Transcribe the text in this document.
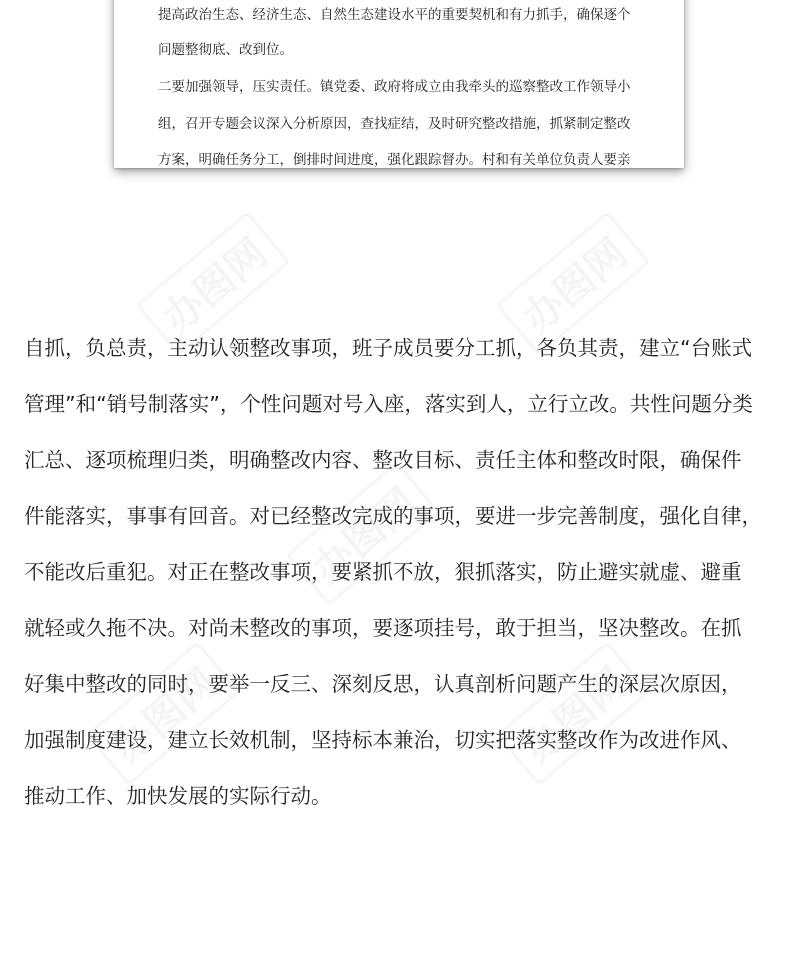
提高政治生态、经济生态、自然生态建设水平的重要契机和有力抓手，确保逐个
问题整彻底、改到位。
二要加强领导，压实责任。镇党委、政府将成立由我牵头的巡察整改工作领导小
组，召开专题会议深入分析原因，查找症结，及时研究整改措施，抓紧制定整改
方案，明确任务分工，倒排时间进度，强化跟踪督办。村和有关单位负责人要亲
自抓，负总责，主动认领整改事项，班子成员要分工抓，各负其责，建立“台账式
管理”和“销号制落实”，个性问题对号入座，落实到人，立行立改。共性问题分类
汇总、逐项梳理归类，明确整改内容、整改目标、责任主体和整改时限，确保件
件能落实，事事有回音。对已经整改完成的事项，要进一步完善制度，强化自律，
不能改后重犯。对正在整改事项，要紧抓不放，狠抓落实，防止避实就虚、避重
就轻或久拖不决。对尚未整改的事项，要逐项挂号，敢于担当，坚决整改。在抓
好集中整改的同时，要举一反三、深刻反思，认真剖析问题产生的深层次原因，
加强制度建设，建立长效机制，坚持标本兼治，切实把落实整改作为改进作风、
推动工作、加快发展的实际行动。
